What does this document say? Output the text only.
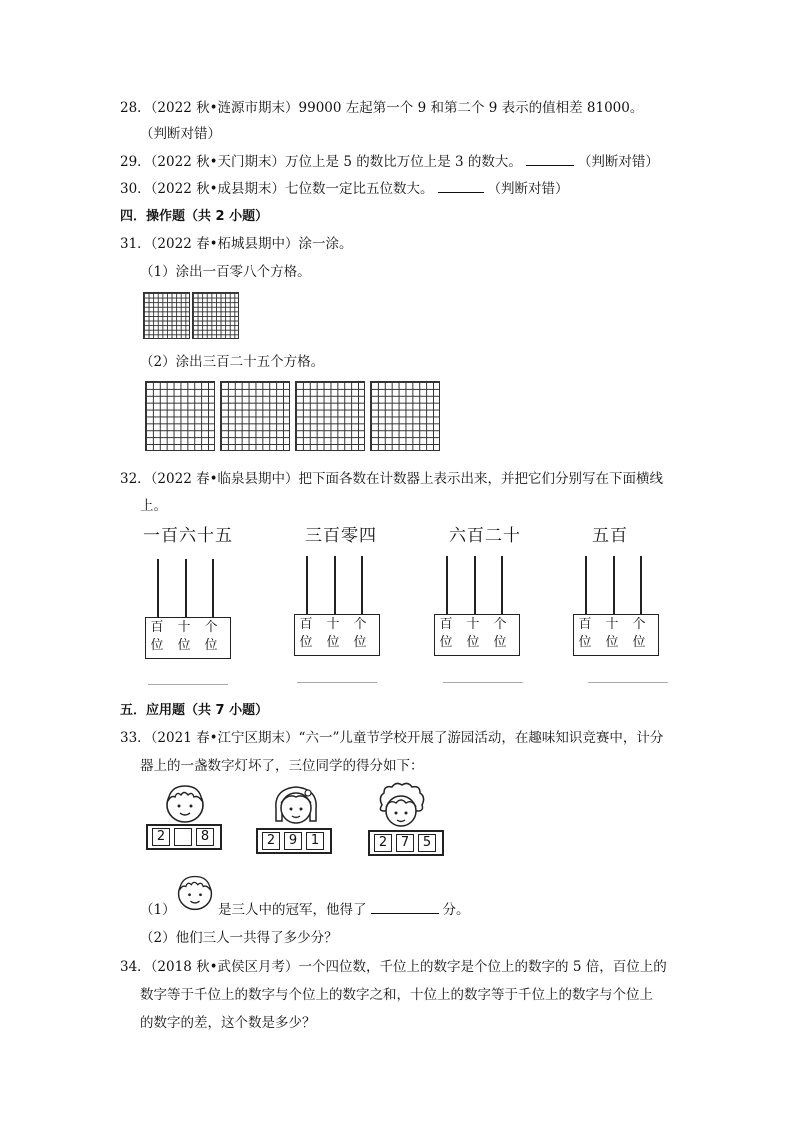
28．（2022 秋•涟源市期末）99000 左起第一个 9 和第二个 9 表示的值相差 81000。
（判断对错）
29．（2022 秋•天门期末）万位上是 5 的数比万位上是 3 的数大。	（判断对错）
30．（2022 秋•成县期末）七位数一定比五位数大。	（判断对错）
四．操作题（共 2 小题）
31．（2022 春•柘城县期中）涂一涂。
（1）涂出一百零八个方格。
（2）涂出三百二十五个方格。
32．（2022 春•临泉县期中）把下面各数在计数器上表示出来，并把它们分别写在下面横线
上。
一百六十五	三百零四	六百二十	五百
百 十 个
位 位 位
百 十 个
位 位 位
百 十 个
位 位 位
百 十 个
位 位 位
五．应用题（共 7 小题）
33．（2021 春•江宁区期末）“六一”儿童节学校开展了游园活动，在趣味知识竞赛中，计分
器上的一盏数字灯坏了，三位同学的得分如下：
2	8	2	9	1	2	7	5
（1）	是三人中的冠军，他得了	分。
（2）他们三人一共得了多少分？
34．（2018 秋•武侯区月考）一个四位数，千位上的数字是个位上的数字的 5 倍，百位上的
数字等于千位上的数字与个位上的数字之和，十位上的数字等于千位上的数字与个位上
的数字的差，这个数是多少？
